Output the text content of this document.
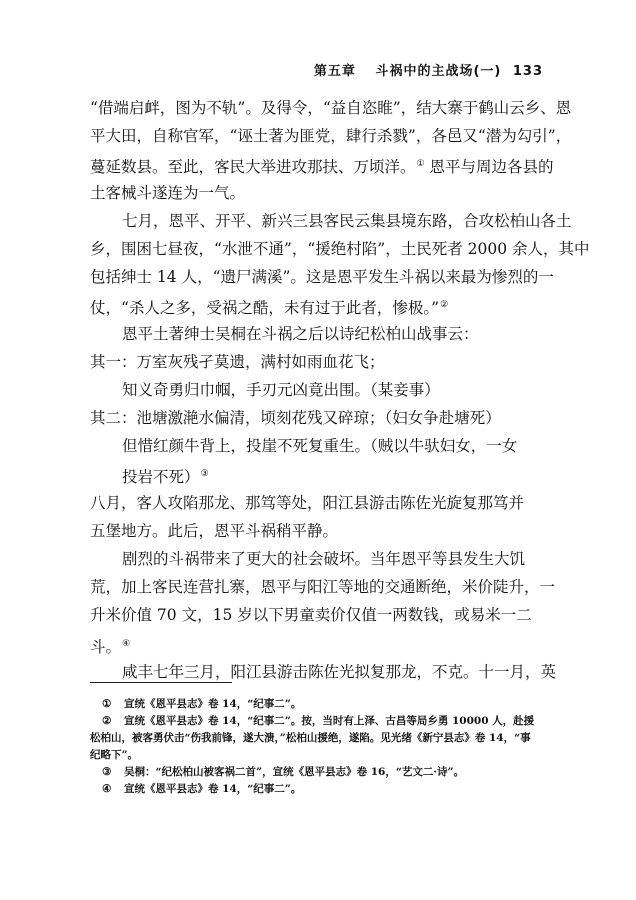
第五章 斗祸中的主战场(一) 133
“借端启衅，图为不轨”。及得令，“益自恣睢”，结大寨于鹤山云乡、恩
平大田，自称官军，“诬土著为匪党，肆行杀戮”，各邑又“潜为勾引”，
蔓延数县。至此，客民大举进攻那扶、万顷洋。① 恩平与周边各县的
土客械斗遂连为一气。
七月，恩平、开平、新兴三县客民云集县境东路，合攻松柏山各土
乡，围困七昼夜，“水泄不通”，“援绝村陷”，土民死者 2000 余人，其中
包括绅士 14 人，“遗尸满溪”。这是恩平发生斗祸以来最为惨烈的一
仗，“杀人之多，受祸之酷，未有过于此者，惨极。”②
恩平土著绅士吴桐在斗祸之后以诗纪松柏山战事云：
其一：万室灰残孑莫遗，满村如雨血花飞；
知义奇勇归巾帼，手刃元凶竟出围。（某妾事）
其二：池塘激滟水偏清，顷刻花残又碎琼；（妇女争赴塘死）
但惜红颜牛背上，投崖不死复重生。（贼以牛驮妇女，一女
投岩不死）③
八月，客人攻陷那龙、那笃等处，阳江县游击陈佐光旋复那笃并
五堡地方。此后，恩平斗祸稍平静。
剧烈的斗祸带来了更大的社会破坏。当年恩平等县发生大饥
荒，加上客民连营扎寨，恩平与阳江等地的交通断绝，米价陡升，一
升米价值 70 文，15 岁以下男童卖价仅值一两数钱，或易米一二
斗。④
咸丰七年三月，阳江县游击陈佐光拟复那龙，不克。十一月，英
① 宣统《恩平县志》卷 14，“纪事二”。
② 宣统《恩平县志》卷 14，“纪事二”。按，当时有上泽、古昌等局乡勇 10000 人，赴援
松柏山，被客勇伏击“伤我前锋，遂大溃，”松柏山援绝，遂陷。见光绪《新宁县志》卷 14，“事
纪略下”。
③ 吴桐：“纪松柏山被客祸二首”，宣统《恩平县志》卷 16，“艺文二·诗”。
④ 宣统《恩平县志》卷 14，“纪事二”。
